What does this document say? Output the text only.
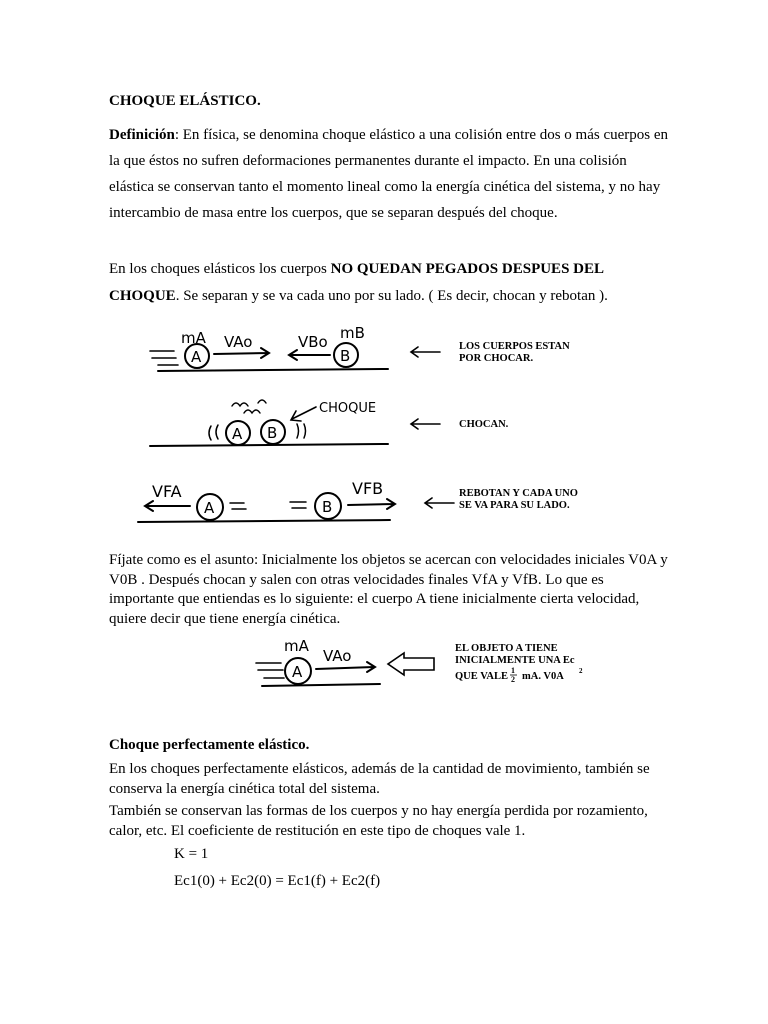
CHOQUE ELÁSTICO.

Definición: En física, se denomina choque elástico a una colisión entre dos o más cuerpos en la que éstos no sufren deformaciones permanentes durante el impacto. En una colisión elástica se conservan tanto el momento lineal como la energía cinética del sistema, y no hay intercambio de masa entre los cuerpos, que se separan después del choque.

En los choques elásticos los cuerpos NO QUEDAN PEGADOS DESPUES DEL CHOQUE. Se separan y se va cada uno por su lado. ( Es decir, chocan y rebotan ).

mA VAo	VBo mB
A	B
CHOQUE
A B
VFA	VFB
A	B
LOS CUERPOS ESTAN
POR CHOCAR.
CHOCAN.
REBOTAN Y CADA UNO
SE VA PARA SU LADO.

Fíjate como es el asunto: Inicialmente los objetos se acercan con velocidades iniciales V0A y V0B . Después chocan y salen con otras velocidades finales VfA y VfB. Lo que es importante que entiendas es lo siguiente: el cuerpo A tiene inicialmente cierta velocidad, quiere decir que tiene energía cinética.

mA
VAo
A
EL OBJETO A TIENE
INICIALMENTE UNA Ec
QUE VALE
1
2 mA. V0A 2

Choque perfectamente elástico.

En los choques perfectamente elásticos, además de la cantidad de movimiento, también se conserva la energía cinética total del sistema.

También se conservan las formas de los cuerpos y no hay energía perdida por rozamiento, calor, etc. El coeficiente de restitución en este tipo de choques vale 1.

K = 1

Ec1(0) + Ec2(0) = Ec1(f) + Ec2(f)
